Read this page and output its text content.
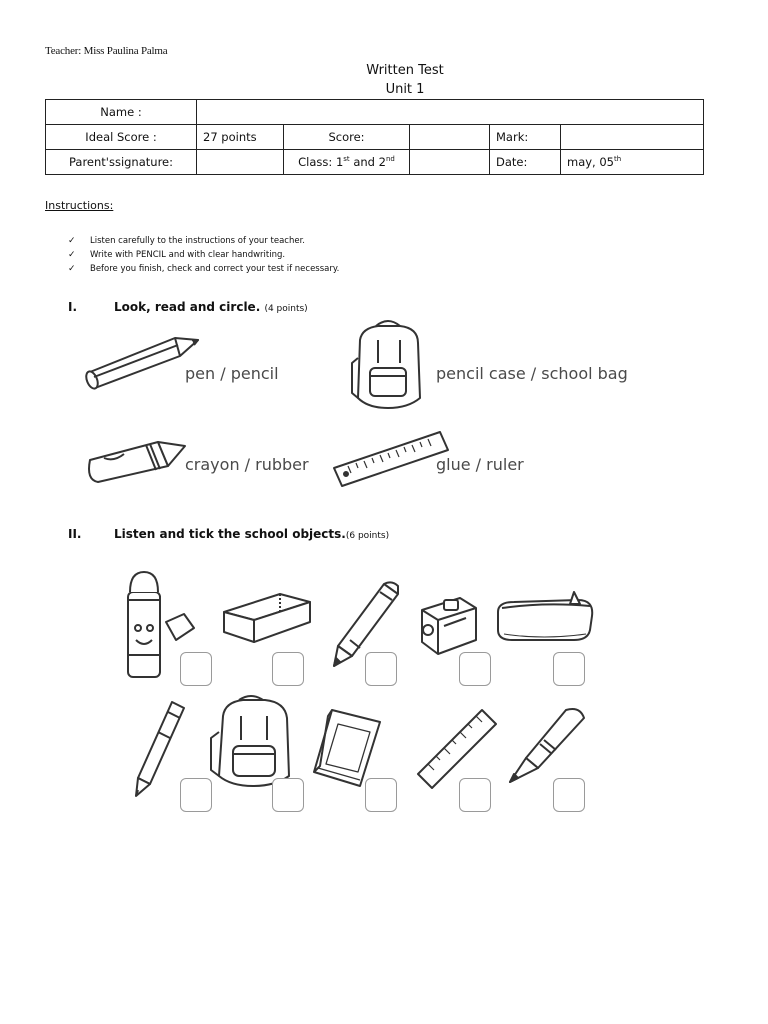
Teacher: Miss Paulina Palma
Written Test
Unit 1
Name :					
Ideal Score :	27 points	Score:		Mark:	
Parent'ssignature:		Class: 1st and 2nd		Date:	may, 05th
Instructions:
✓	Listen carefully to the instructions of your teacher.
✓	Write with PENCIL and with clear handwriting.
✓	Before you finish, check and correct your test if necessary.
I.	Look, read and circle. (4 points)
pen / pencil	pencil case / school bag
crayon / rubber	glue / ruler
II.	Listen and tick the school objects.(6 points)
